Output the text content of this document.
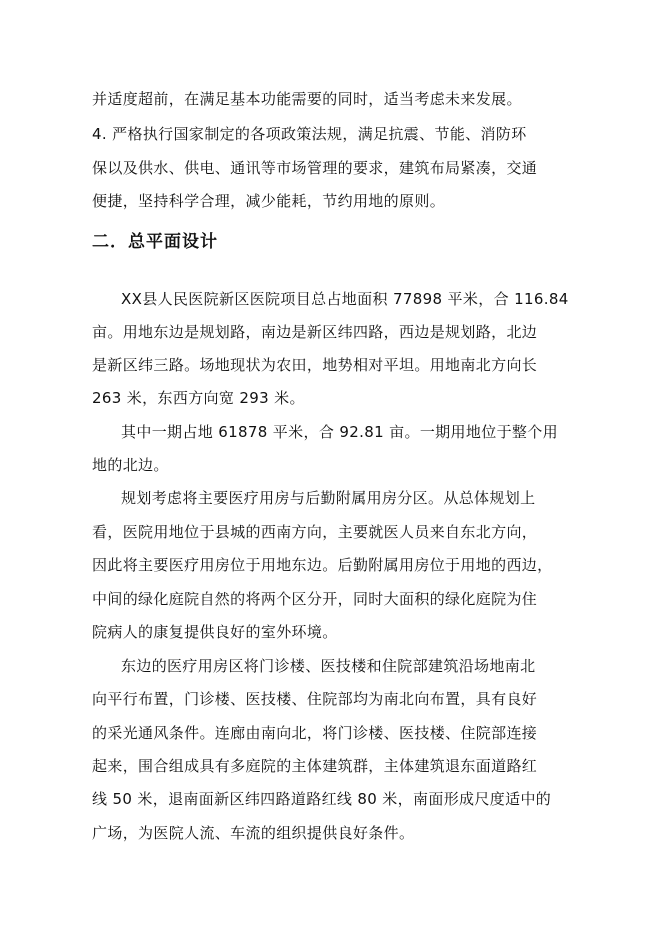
并适度超前，在满足基本功能需要的同时，适当考虑未来发展。
4. 严格执行国家制定的各项政策法规，满足抗震、节能、消防环
保以及供水、供电、通讯等市场管理的要求，建筑布局紧凑，交通
便捷，坚持科学合理，减少能耗，节约用地的原则。
二．总平面设计
XX县人民医院新区医院项目总占地面积 77898 平米，合 116.84
亩。用地东边是规划路，南边是新区纬四路，西边是规划路，北边
是新区纬三路。场地现状为农田，地势相对平坦。用地南北方向长
263 米，东西方向宽 293 米。
其中一期占地 61878 平米，合 92.81 亩。一期用地位于整个用
地的北边。
规划考虑将主要医疗用房与后勤附属用房分区。从总体规划上
看，医院用地位于县城的西南方向，主要就医人员来自东北方向，
因此将主要医疗用房位于用地东边。后勤附属用房位于用地的西边，
中间的绿化庭院自然的将两个区分开，同时大面积的绿化庭院为住
院病人的康复提供良好的室外环境。
东边的医疗用房区将门诊楼、医技楼和住院部建筑沿场地南北
向平行布置，门诊楼、医技楼、住院部均为南北向布置，具有良好
的采光通风条件。连廊由南向北，将门诊楼、医技楼、住院部连接
起来，围合组成具有多庭院的主体建筑群，主体建筑退东面道路红
线 50 米，退南面新区纬四路道路红线 80 米，南面形成尺度适中的
广场，为医院人流、车流的组织提供良好条件。
